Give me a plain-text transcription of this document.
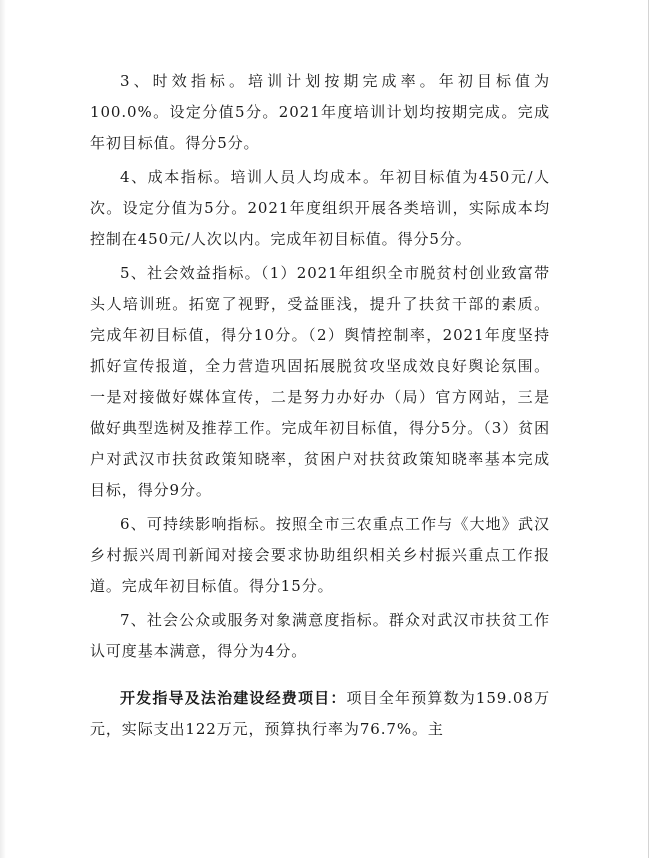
3、时效指标。培训计划按期完成率。年初目标值为100.0%。设定分值5分。2021年度培训计划均按期完成。完成年初目标值。得分5分。

4、成本指标。培训人员人均成本。年初目标值为450元/人次。设定分值为5分。2021年度组织开展各类培训，实际成本均控制在450元/人次以内。完成年初目标值。得分5分。

5、社会效益指标。（1）2021年组织全市脱贫村创业致富带头人培训班。拓宽了视野，受益匪浅，提升了扶贫干部的素质。完成年初目标值，得分10分。（2）舆情控制率，2021年度坚持抓好宣传报道，全力营造巩固拓展脱贫攻坚成效良好舆论氛围。一是对接做好媒体宣传，二是努力办好办（局）官方网站，三是做好典型选树及推荐工作。完成年初目标值，得分5分。（3）贫困户对武汉市扶贫政策知晓率，贫困户对扶贫政策知晓率基本完成目标，得分9分。

6、可持续影响指标。按照全市三农重点工作与《大地》武汉乡村振兴周刊新闻对接会要求协助组织相关乡村振兴重点工作报道。完成年初目标值。得分15分。

7、社会公众或服务对象满意度指标。群众对武汉市扶贫工作认可度基本满意，得分为4分。

开发指导及法治建设经费项目：项目全年预算数为159.08万元，实际支出122万元，预算执行率为76.7%。主
